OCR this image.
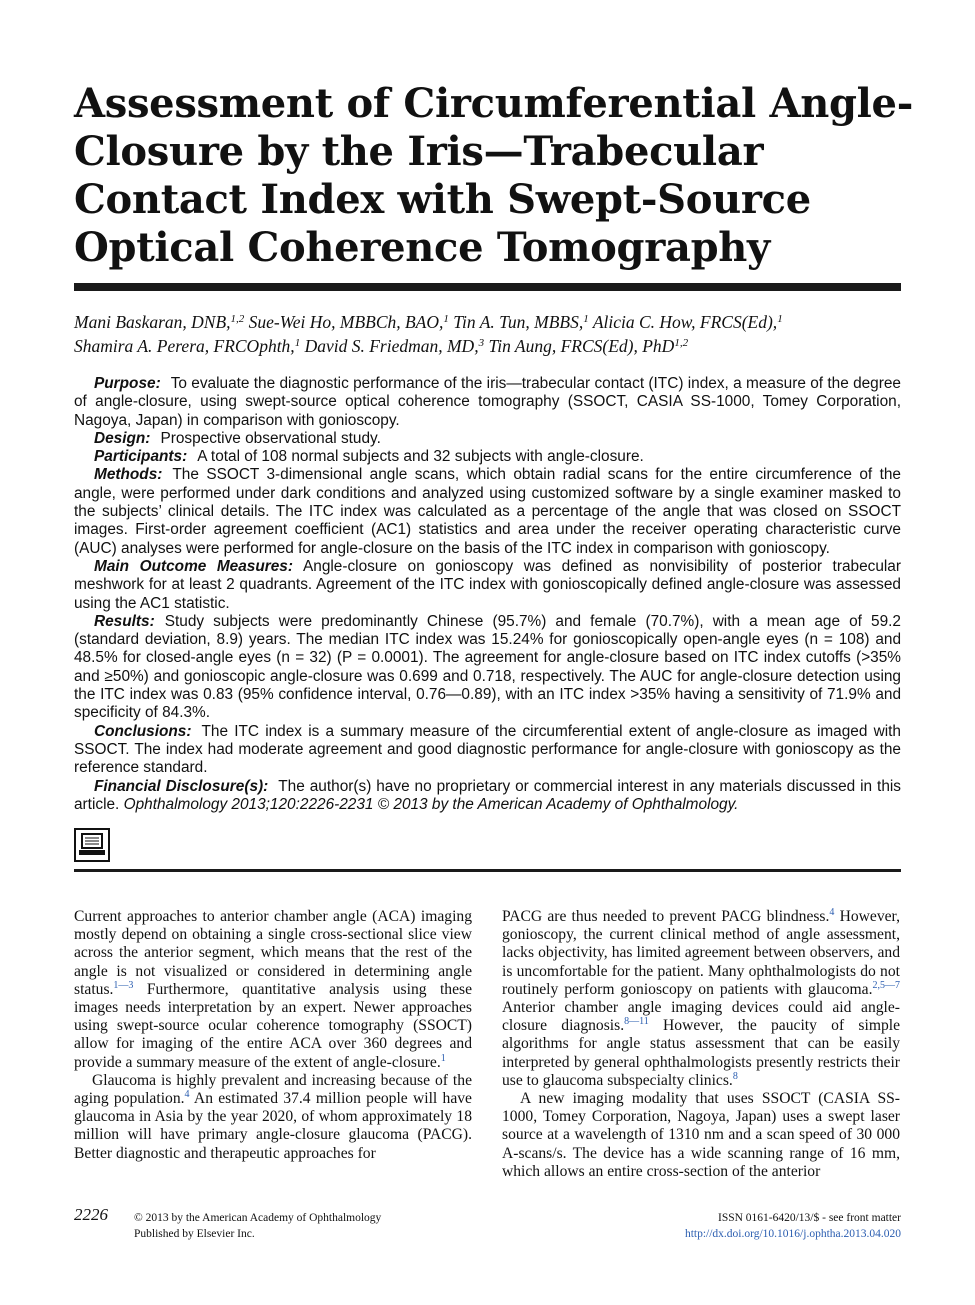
Assessment of Circumferential Angle-Closure by the Iris—Trabecular Contact Index with Swept-Source Optical Coherence Tomography
Mani Baskaran, DNB,$^{1,2}$ Sue-Wei Ho, MBBCh, BAO,$^1$ Tin A. Tun, MBBS,$^1$ Alicia C. How, FRCS(Ed),$^1$
Shamira A. Perera, FRCOphth,$^1$ David S. Friedman, MD,$^3$ Tin Aung, FRCS(Ed), PhD$^{1,2}$

Purpose: To evaluate the diagnostic performance of the iris—trabecular contact (ITC) index, a measure of the degree of angle-closure, using swept-source optical coherence tomography (SSOCT, CASIA SS-1000, Tomey Corporation, Nagoya, Japan) in comparison with gonioscopy.

Design: Prospective observational study.

Participants: A total of 108 normal subjects and 32 subjects with angle-closure.

Methods: The SSOCT 3-dimensional angle scans, which obtain radial scans for the entire circumference of the angle, were performed under dark conditions and analyzed using customized software by a single examiner masked to the subjects’ clinical details. The ITC index was calculated as a percentage of the angle that was closed on SSOCT images. First-order agreement coefficient (AC1) statistics and area under the receiver operating characteristic curve (AUC) analyses were performed for angle-closure on the basis of the ITC index in comparison with gonioscopy.

Main Outcome Measures: Angle-closure on gonioscopy was defined as nonvisibility of posterior trabecular meshwork for at least 2 quadrants. Agreement of the ITC index with gonioscopically defined angle-closure was assessed using the AC1 statistic.

Results: Study subjects were predominantly Chinese (95.7%) and female (70.7%), with a mean age of 59.2 (standard deviation, 8.9) years. The median ITC index was 15.24% for gonioscopically open-angle eyes (n = 108) and 48.5% for closed-angle eyes (n = 32) (P = 0.0001). The agreement for angle-closure based on ITC index cutoffs (>35% and ≥50%) and gonioscopic angle-closure was 0.699 and 0.718, respectively. The AUC for angle-closure detection using the ITC index was 0.83 (95% confidence interval, 0.76—0.89), with an ITC index >35% having a sensitivity of 71.9% and specificity of 84.3%.

Conclusions: The ITC index is a summary measure of the circumferential extent of angle-closure as imaged with SSOCT. The index had moderate agreement and good diagnostic performance for angle-closure with gonioscopy as the reference standard.

Financial Disclosure(s): The author(s) have no proprietary or commercial interest in any materials discussed in this article. Ophthalmology 2013;120:2226-2231 © 2013 by the American Academy of Ophthalmology.

Current approaches to anterior chamber angle (ACA) imaging mostly depend on obtaining a single cross-sectional slice view across the anterior segment, which means that the rest of the angle is not visualized or considered in determining angle status.$^{1—3}$ Furthermore, quantitative analysis using these images needs interpretation by an expert. Newer approaches using swept-source ocular coherence tomography (SSOCT) allow for imaging of the entire ACA over 360 degrees and provide a summary measure of the extent of angle-closure.$^1$

Glaucoma is highly prevalent and increasing because of the aging population.$^4$ An estimated 37.4 million people will have glaucoma in Asia by the year 2020, of whom approximately 18 million will have primary angle-closure glaucoma (PACG). Better diagnostic and therapeutic approaches for

PACG are thus needed to prevent PACG blindness.$^4$ However, gonioscopy, the current clinical method of angle assessment, lacks objectivity, has limited agreement between observers, and is uncomfortable for the patient. Many ophthalmologists do not routinely perform gonioscopy on patients with glaucoma.$^{2,5—7}$ Anterior chamber angle imaging devices could aid angle-closure diagnosis.$^{8—11}$ However, the paucity of simple algorithms for angle status assessment that can be easily interpreted by general ophthalmologists presently restricts their use to glaucoma subspecialty clinics.$^8$

A new imaging modality that uses SSOCT (CASIA SS-1000, Tomey Corporation, Nagoya, Japan) uses a swept laser source at a wavelength of 1310 nm and a scan speed of 30 000 A-scans/s. The device has a wide scanning range of 16 mm, which allows an entire cross-section of the anterior

2226 © 2013 by the American Academy of Ophthalmology
Published by Elsevier Inc.
ISSN 0161-6420/13/$ - see front matter
http://dx.doi.org/10.1016/j.ophtha.2013.04.020
